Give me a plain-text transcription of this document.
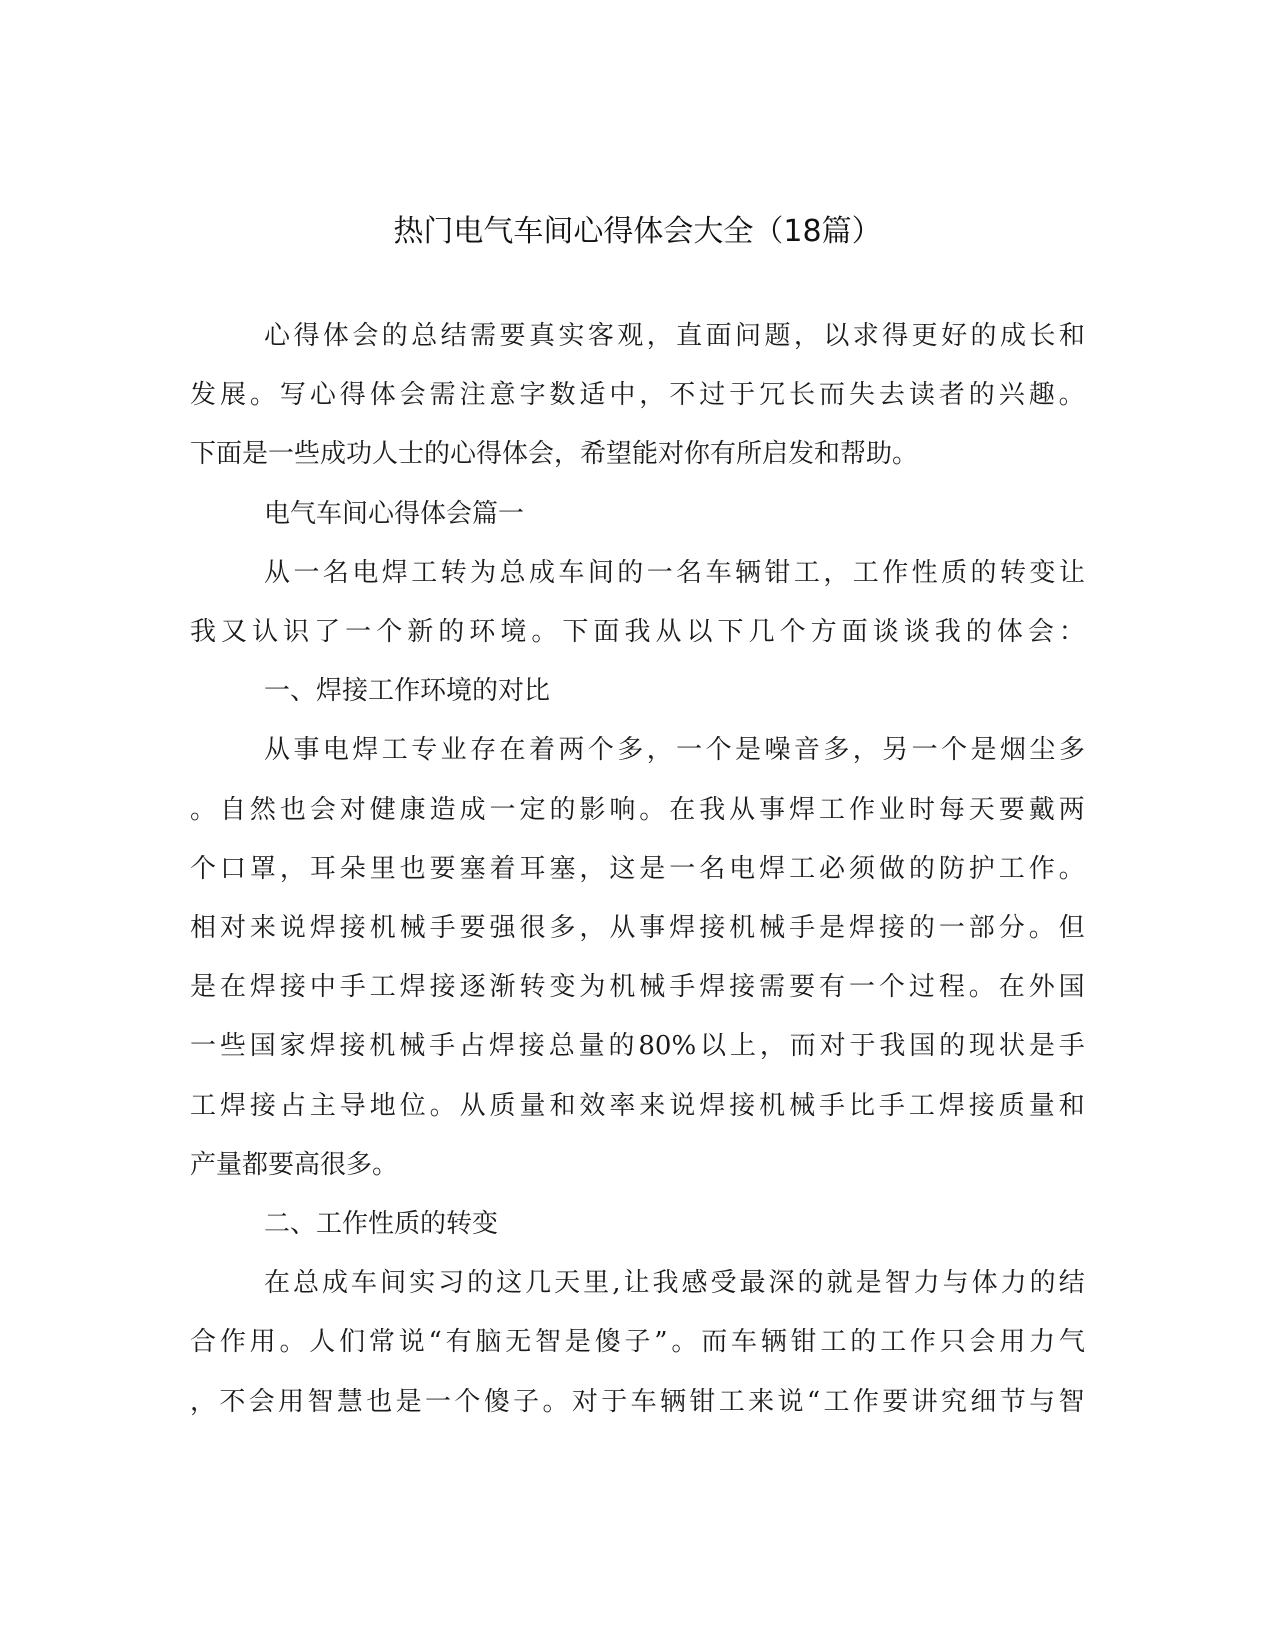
热门电气车间心得体会大全（18篇）
心 得 体 会 的 总 结 需 要 真 实 客 观 ， 直 面 问 题 ， 以 求 得 更 好 的 成 长 和
发 展 。 写 心 得 体 会 需 注 意 字 数 适 中 ， 不 过 于 冗 长 而 失 去 读 者 的 兴 趣 。
下面是一些成功人士的心得体会，希望能对你有所启发和帮助。
电气车间心得体会篇一
从 一 名 电 焊 工 转 为 总 成 车 间 的 一 名 车 辆 钳 工 ， 工 作 性 质 的 转 变 让
我 又 认 识 了 一 个 新 的 环 境 。 下 面 我 从 以 下 几 个 方 面 谈 谈 我 的 体 会 ：
一、焊接工作环境的对比
从 事 电 焊 工 专 业 存 在 着 两 个 多 ， 一 个 是 噪 音 多 ， 另 一 个 是 烟 尘 多
。 自 然 也 会 对 健 康 造 成 一 定 的 影 响 。 在 我 从 事 焊 工 作 业 时 每 天 要 戴 两
个 口 罩 ， 耳 朵 里 也 要 塞 着 耳 塞 ， 这 是 一 名 电 焊 工 必 须 做 的 防 护 工 作 。
相 对 来 说 焊 接 机 械 手 要 强 很 多 ， 从 事 焊 接 机 械 手 是 焊 接 的 一 部 分 。 但
是 在 焊 接 中 手 工 焊 接 逐 渐 转 变 为 机 械 手 焊 接 需 要 有 一 个 过 程 。 在 外 国
一 些 国 家 焊 接 机 械 手 占 焊 接 总 量 的 80% 以 上 ， 而 对 于 我 国 的 现 状 是 手
工 焊 接 占 主 导 地 位 。 从 质 量 和 效 率 来 说 焊 接 机 械 手 比 手 工 焊 接 质 量 和
产量都要高很多。
二、工作性质的转变
在 总 成 车 间 实 习 的 这 几 天 里 , 让 我 感 受 最 深 的 就 是 智 力 与 体 力 的 结
合 作 用 。 人 们 常 说 “ 有 脑 无 智 是 傻 子 ” 。 而 车 辆 钳 工 的 工 作 只 会 用 力 气
， 不 会 用 智 慧 也 是 一 个 傻 子 。 对 于 车 辆 钳 工 来 说 “ 工 作 要 讲 究 细 节 与 智
